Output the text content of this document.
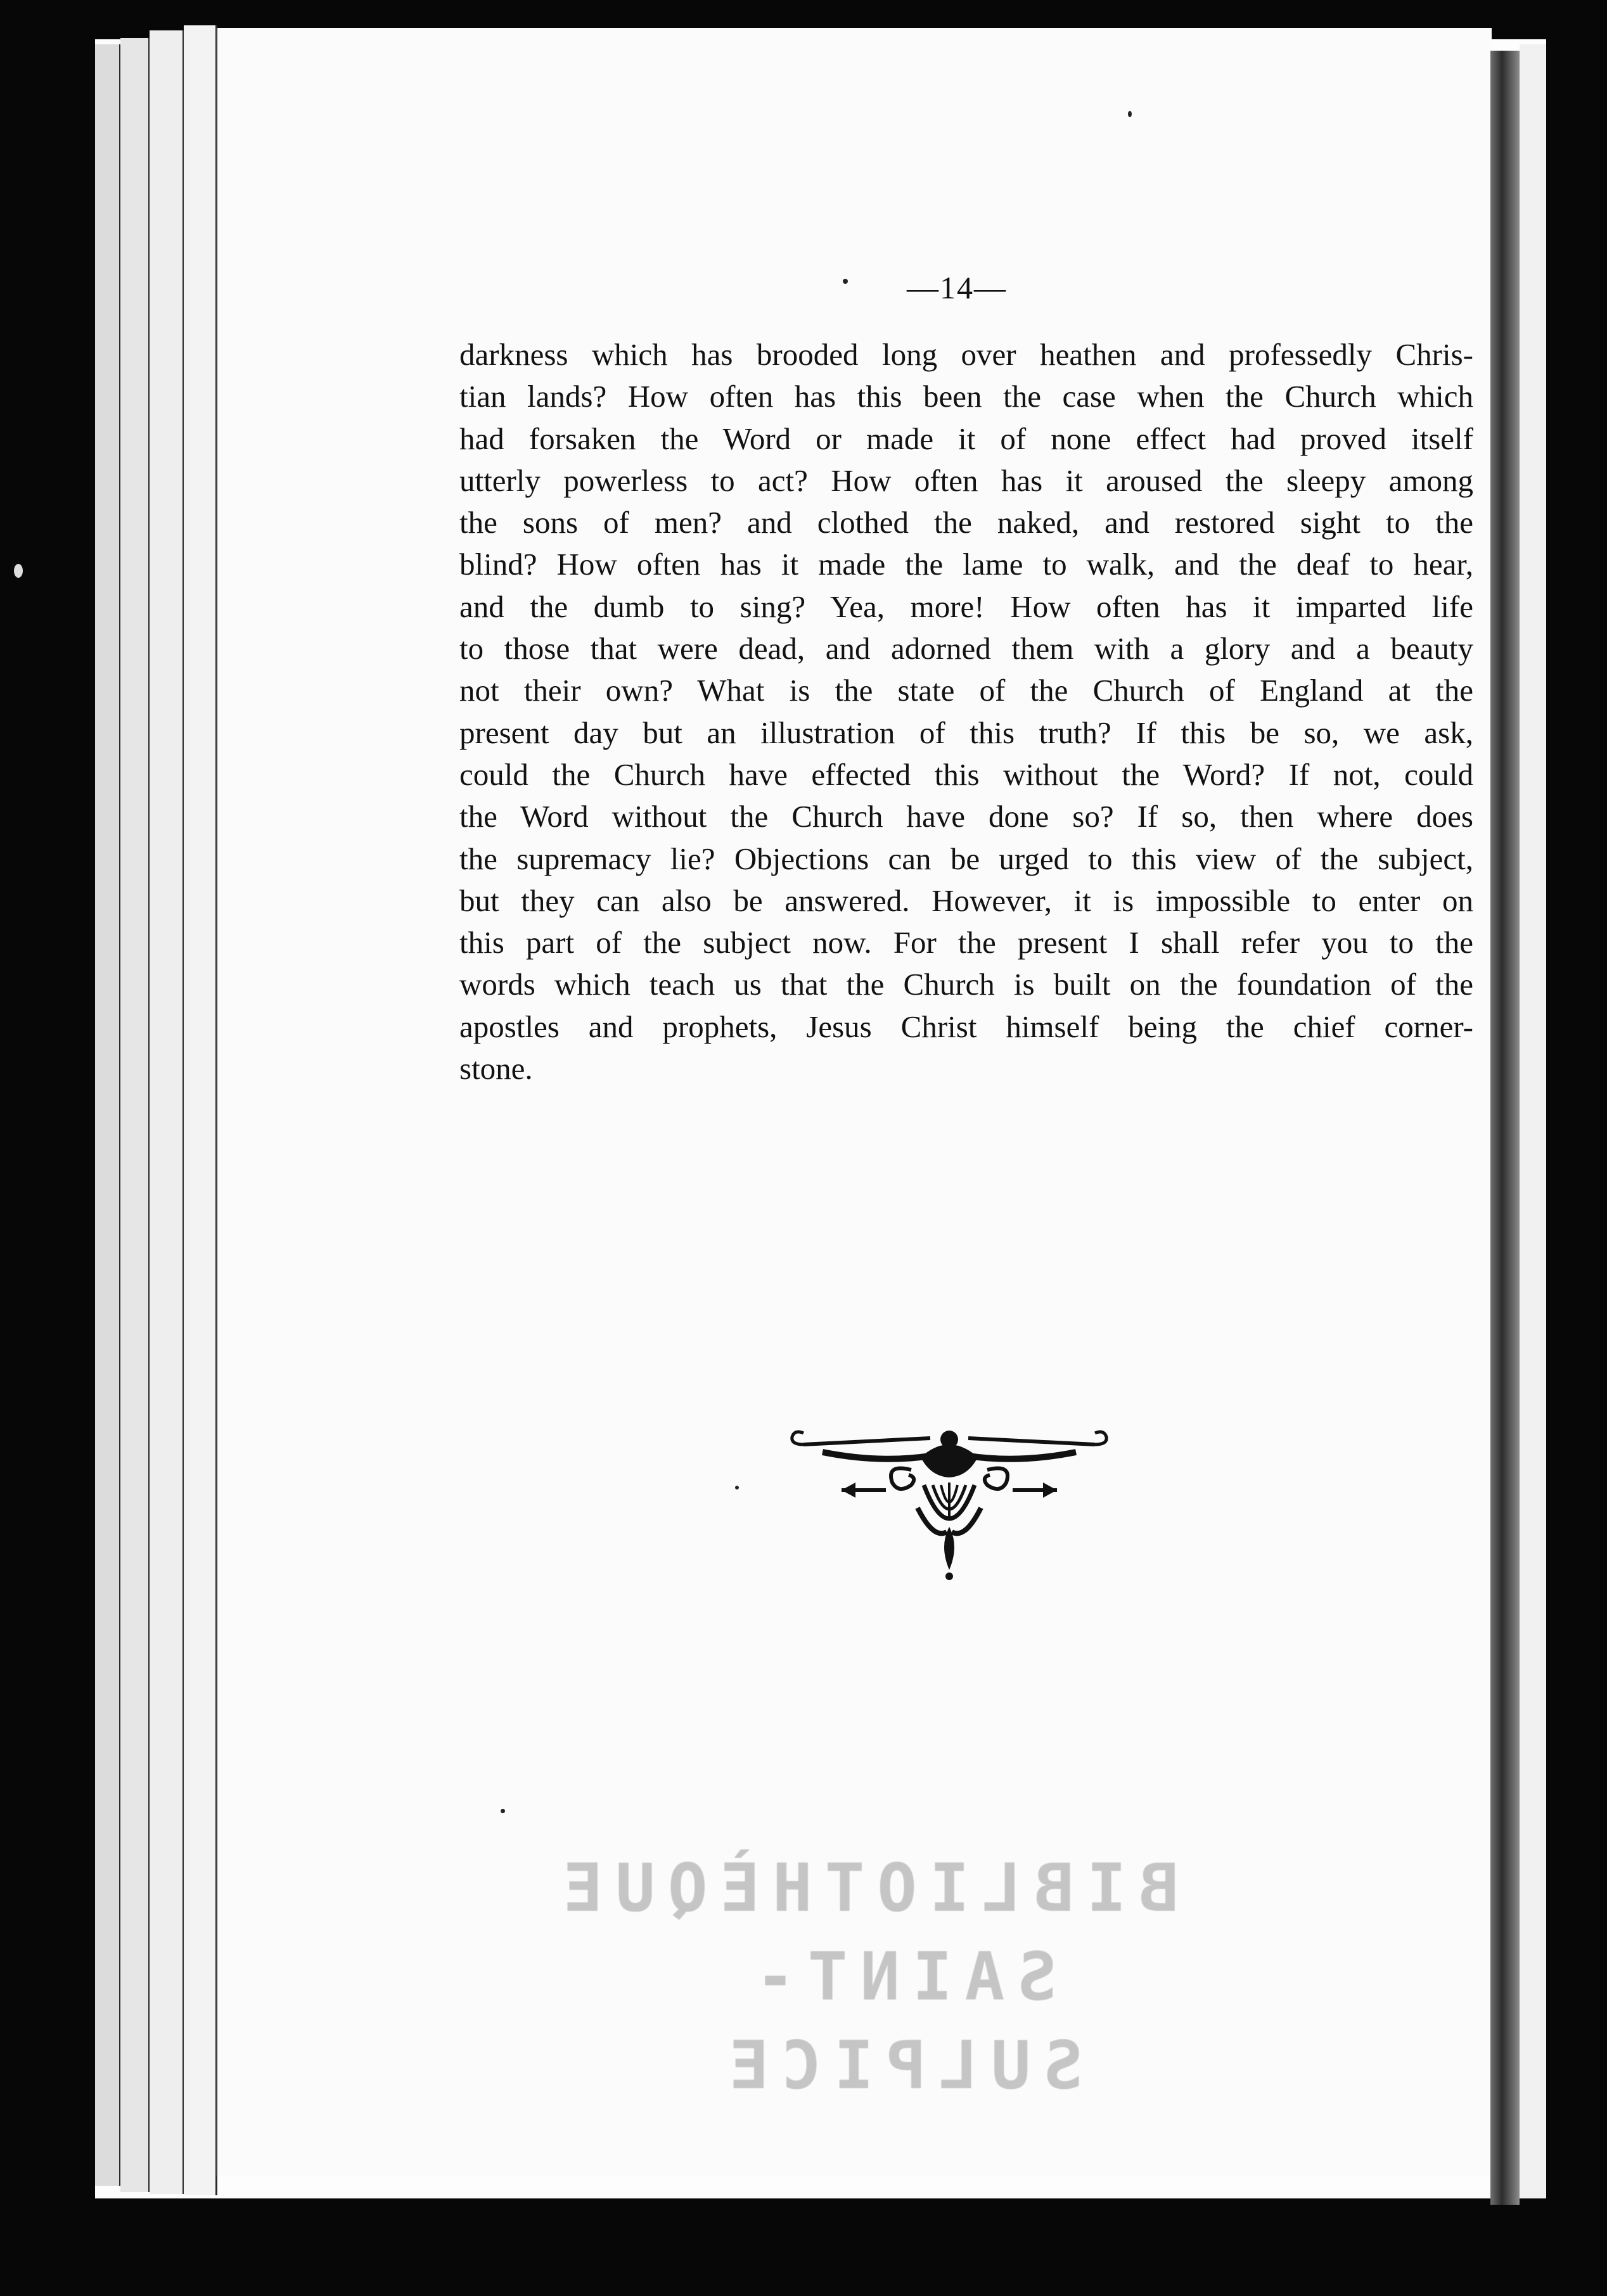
—14—
darkness which has brooded long over heathen and professedly Chris-
tian lands? How often has this been the case when the Church which
had forsaken the Word or made it of none effect had proved itself
utterly powerless to act? How often has it aroused the sleepy among
the sons of men? and clothed the naked, and restored sight to the
blind? How often has it made the lame to walk, and the deaf to hear,
and the dumb to sing? Yea, more! How often has it imparted life
to those that were dead, and adorned them with a glory and a beauty
not their own? What is the state of the Church of England at the
present day but an illustration of this truth? If this be so, we ask,
could the Church have effected this without the Word? If not, could
the Word without the Church have done so? If so, then where does
the supremacy lie? Objections can be urged to this view of the subject,
but they can also be answered. However, it is impossible to enter on
this part of the subject now. For the present I shall refer you to the
words which teach us that the Church is built on the foundation of the
apostles and prophets, Jesus Christ himself being the chief corner-
stone.
BIBLIOTHÈQUE
SAINT-SULPICE
